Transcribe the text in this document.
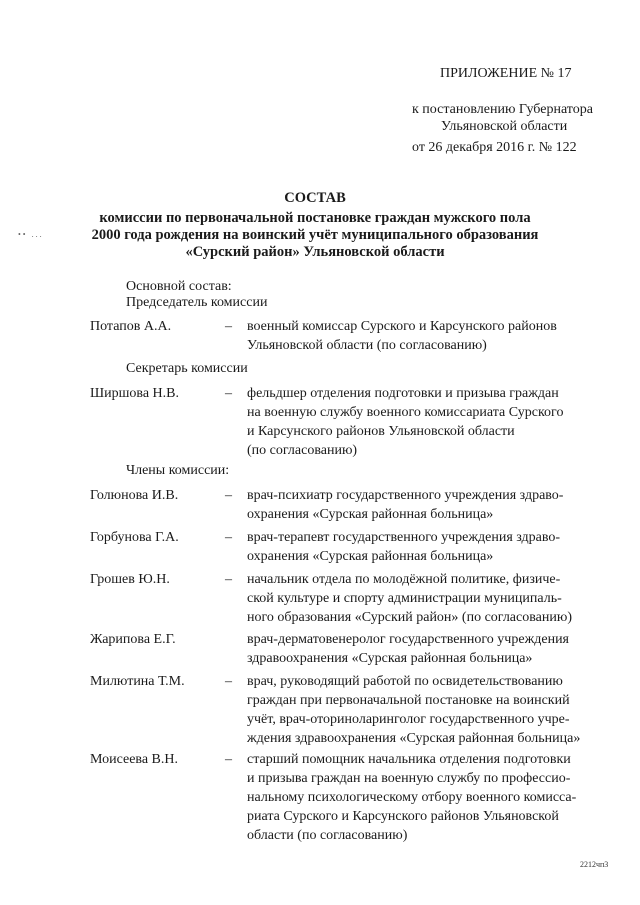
ПРИЛОЖЕНИЕ № 17
к постановлению Губернатора
Ульяновской области
от 26 декабря 2016 г. № 122
СОСТАВ
комиссии по первоначальной постановке граждан мужского пола
2000 года рождения на воинский учёт муниципального образования
«Сурский район» Ульяновской области
Основной состав:
Председатель комиссии
Потапов А.А.	– военный комиссар Сурского и Карсунского районов
Ульяновской области (по согласованию)
Секретарь комиссии
Ширшова Н.В.	– фельдшер отделения подготовки и призыва граждан
на военную службу военного комиссариата Сурского
и Карсунского районов Ульяновской области
(по согласованию)
Члены комиссии:
Голюнова И.В.	– врач-психиатр государственного учреждения здраво-
охранения «Сурская районная больница»
Горбунова Г.А.	– врач-терапевт государственного учреждения здраво-
охранения «Сурская районная больница»
Грошев Ю.Н.	– начальник отдела по молодёжной политике, физиче-
ской культуре и спорту администрации муниципаль-
ного образования «Сурский район» (по согласованию)
Жарипова Е.Г.	врач-дерматовенеролог государственного учреждения
здравоохранения «Сурская районная больница»
Милютина Т.М.	– врач, руководящий работой по освидетельствованию
граждан при первоначальной постановке на воинский
учёт, врач-оториноларинголог государственного учре-
ждения здравоохранения «Сурская районная больница»
Моисеева В.Н.	– старший помощник начальника отделения подготовки
и призыва граждан на военную службу по профессио-
нальному психологическому отбору военного комисса-
риата Сурского и Карсунского районов Ульяновской
области (по согласованию)
•• ...
2212чп3
